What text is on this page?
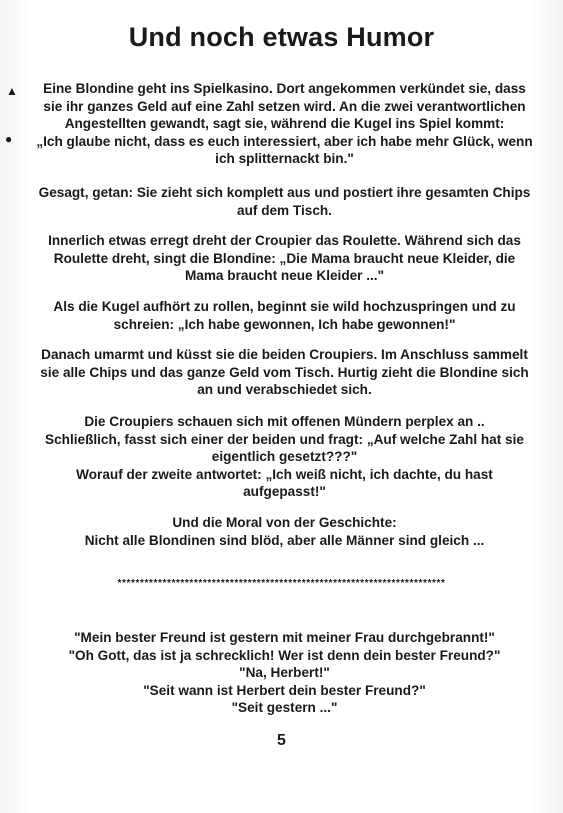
Und noch etwas Humor
▲
●
Eine Blondine geht ins Spielkasino. Dort angekommen verkündet sie, dass
sie ihr ganzes Geld auf eine Zahl setzen wird. An die zwei verantwortlichen
Angestellten gewandt, sagt sie, während die Kugel ins Spiel kommt:
„Ich glaube nicht, dass es euch interessiert, aber ich habe mehr Glück, wenn
ich splitternackt bin."
Gesagt, getan: Sie zieht sich komplett aus und postiert ihre gesamten Chips
auf dem Tisch.
Innerlich etwas erregt dreht der Croupier das Roulette. Während sich das
Roulette dreht, singt die Blondine: „Die Mama braucht neue Kleider, die
Mama braucht neue Kleider ..."
Als die Kugel aufhört zu rollen, beginnt sie wild hochzuspringen und zu
schreien: „Ich habe gewonnen, Ich habe gewonnen!"
Danach umarmt und küsst sie die beiden Croupiers. Im Anschluss sammelt
sie alle Chips und das ganze Geld vom Tisch. Hurtig zieht die Blondine sich
an und verabschiedet sich.
Die Croupiers schauen sich mit offenen Mündern perplex an ..
Schließlich, fasst sich einer der beiden und fragt: „Auf welche Zahl hat sie
eigentlich gesetzt???"
Worauf der zweite antwortet: „Ich weiß nicht, ich dachte, du hast
aufgepasst!"
Und die Moral von der Geschichte:
Nicht alle Blondinen sind blöd, aber alle Männer sind gleich ...
*************************************************************************
"Mein bester Freund ist gestern mit meiner Frau durchgebrannt!"
"Oh Gott, das ist ja schrecklich! Wer ist denn dein bester Freund?"
"Na, Herbert!"
"Seit wann ist Herbert dein bester Freund?"
"Seit gestern ..."
5
